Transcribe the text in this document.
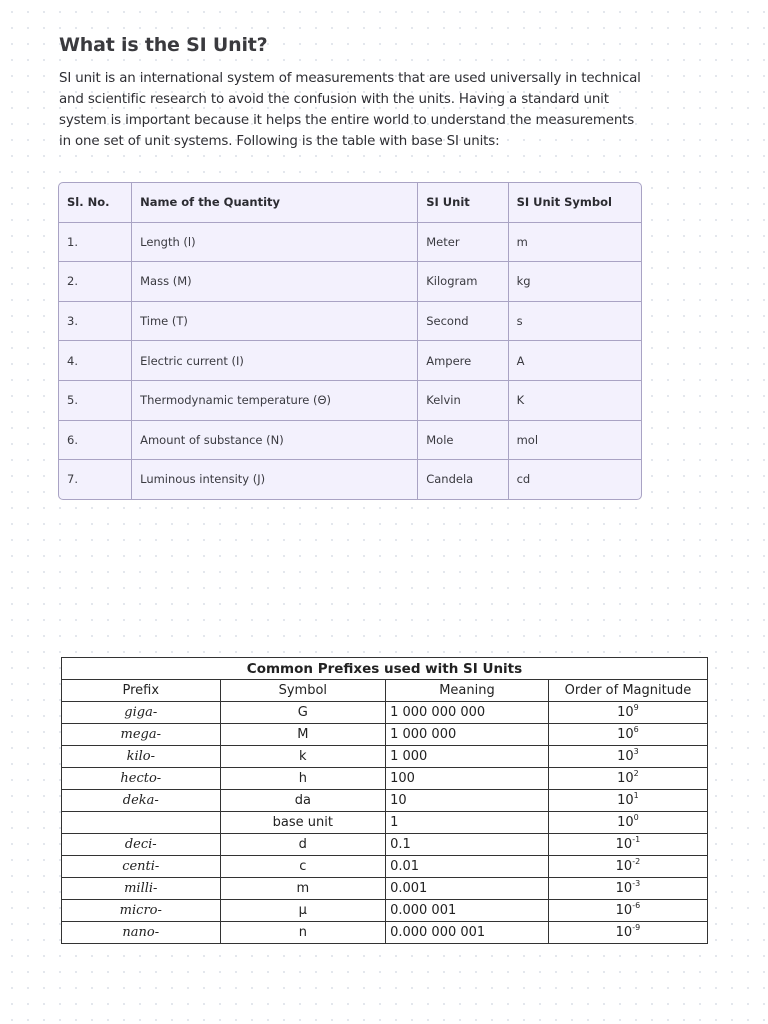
What is the SI Unit?

SI unit is an international system of measurements that are used universally in technical and scientific research to avoid the confusion with the units. Having a standard unit system is important because it helps the entire world to understand the measurements in one set of unit systems. Following is the table with base SI units:

Sl. No.	Name of the Quantity	SI Unit	SI Unit Symbol
1.	Length (l)	Meter	m
2.	Mass (M)	Kilogram	kg
3.	Time (T)	Second	s
4.	Electric current (I)	Ampere	A
5.	Thermodynamic temperature (Θ)	Kelvin	K
6.	Amount of substance (N)	Mole	mol
7.	Luminous intensity (J)	Candela	cd
Common Prefixes used with SI Units			
Prefix	Symbol	Meaning	Order of Magnitude
giga-	G	1 000 000 000	$10^9$
mega-	M	1 000 000	$10^6$
kilo-	k	1 000	$10^3$
hecto-	h	100	$10^2$
deka-	da	10	$10^1$
	base unit	1	$10^0$
deci-	d	0.1	$10^{-1}$
centi-	c	0.01	$10^{-2}$
milli-	m	0.001	$10^{-3}$
micro-	µ	0.000 001	$10^{-6}$
nano-	n	0.000 000 001	$10^{-9}$
